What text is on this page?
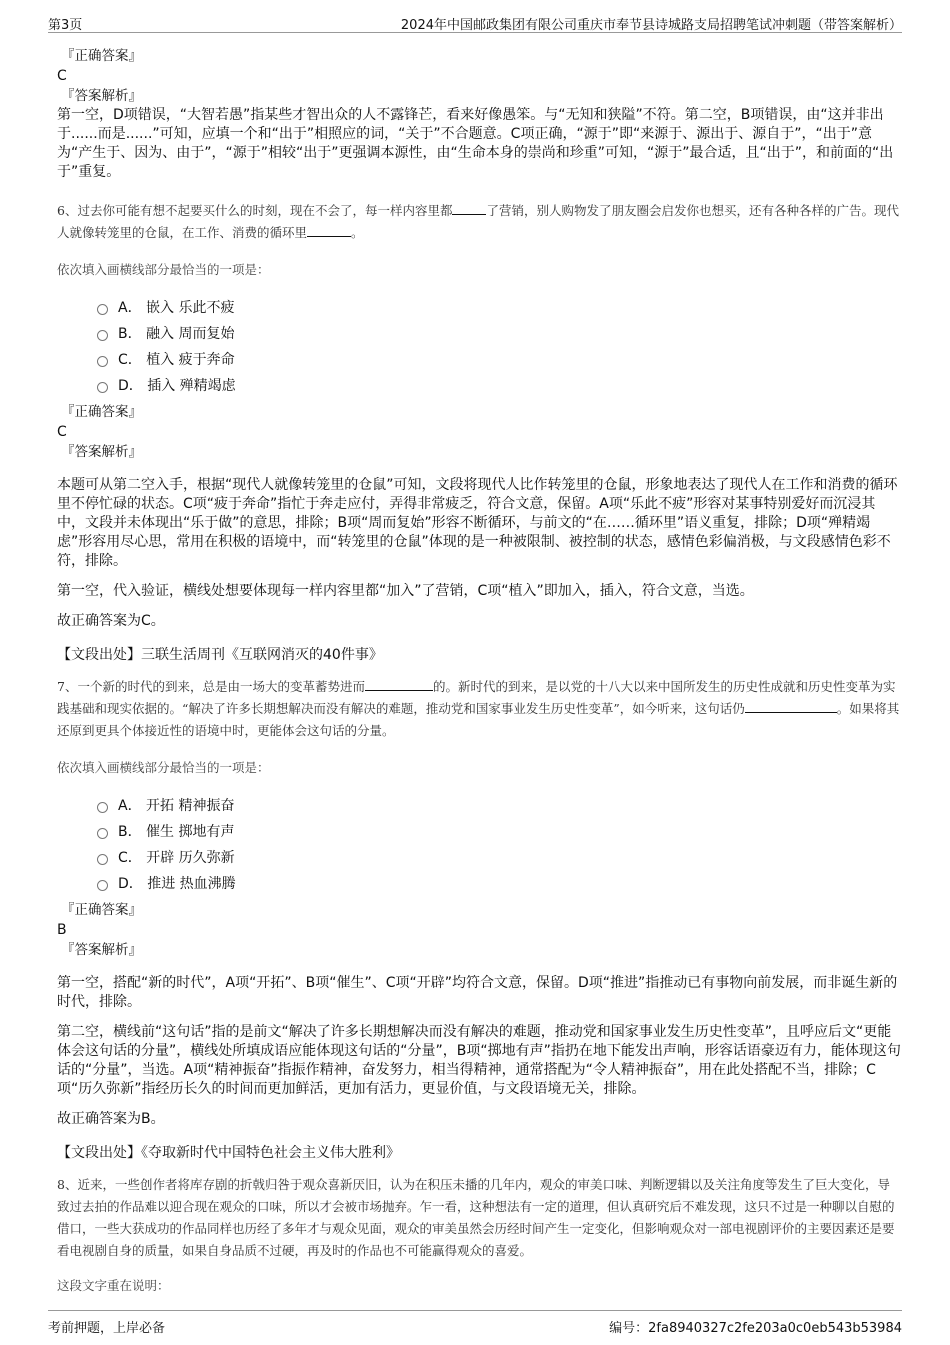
第3页	2024年中国邮政集团有限公司重庆市奉节县诗城路支局招聘笔试冲刺题（带答案解析）
『正确答案』
C
『答案解析』

第一空，D项错误，“大智若愚”指某些才智出众的人不露锋芒，看来好像愚笨。与“无知和狭隘”不符。第二空，B项错误，由“这并非出于......而是......”可知，应填一个和“出于”相照应的词，“关于”不合题意。C项正确，“源于”即“来源于、源出于、源自于”，“出于”意为“产生于、因为、由于”，“源于”相较“出于”更强调本源性，由“生命本身的崇尚和珍重”可知，“源于”最合适，且“出于”，和前面的“出于”重复。

6、过去你可能有想不起要买什么的时刻，现在不会了，每一样内容里都	了营销，别人购物发了朋友圈会启发你也想买，还有各种各样的广告。现代人就像转笼里的仓鼠，在工作、消费的循环里	。

依次填入画横线部分最恰当的一项是：

A． 嵌入 乐此不疲
B． 融入 周而复始
C． 植入 疲于奔命
D． 插入 殚精竭虑
『正确答案』
C
『答案解析』

本题可从第二空入手，根据“现代人就像转笼里的仓鼠”可知，文段将现代人比作转笼里的仓鼠，形象地表达了现代人在工作和消费的循环里不停忙碌的状态。C项“疲于奔命”指忙于奔走应付，弄得非常疲乏，符合文意，保留。A项“乐此不疲”形容对某事特别爱好而沉浸其中，文段并未体现出“乐于做”的意思，排除；B项“周而复始”形容不断循环，与前文的“在……循环里”语义重复，排除；D项“殚精竭虑”形容用尽心思，常用在积极的语境中，而“转笼里的仓鼠”体现的是一种被限制、被控制的状态，感情色彩偏消极，与文段感情色彩不符，排除。

第一空，代入验证，横线处想要体现每一样内容里都“加入”了营销，C项“植入”即加入，插入，符合文意，当选。

故正确答案为C。

【文段出处】三联生活周刊《互联网消灭的40件事》

7、一个新的时代的到来，总是由一场大的变革蓄势进而	的。新时代的到来，是以党的十八大以来中国所发生的历史性成就和历史性变革为实践基础和现实依据的。“解决了许多长期想解决而没有解决的难题，推动党和国家事业发生历史性变革”，如今听来，这句话仍	。如果将其还原到更具个体接近性的语境中时，更能体会这句话的分量。

依次填入画横线部分最恰当的一项是：

A． 开拓 精神振奋
B． 催生 掷地有声
C． 开辟 历久弥新
D． 推进 热血沸腾
『正确答案』
B
『答案解析』

第一空，搭配“新的时代”，A项“开拓”、B项“催生”、C项“开辟”均符合文意，保留。D项“推进”指推动已有事物向前发展，而非诞生新的时代，排除。

第二空，横线前“这句话”指的是前文“解决了许多长期想解决而没有解决的难题，推动党和国家事业发生历史性变革”，且呼应后文“更能体会这句话的分量”，横线处所填成语应能体现这句话的“分量”，B项“掷地有声”指扔在地下能发出声响，形容话语豪迈有力，能体现这句话的“分量”，当选。A项“精神振奋”指振作精神，奋发努力，相当得精神，通常搭配为“令人精神振奋”，用在此处搭配不当，排除；C项“历久弥新”指经历长久的时间而更加鲜活，更加有活力，更显价值，与文段语境无关，排除。

故正确答案为B。

【文段出处】《夺取新时代中国特色社会主义伟大胜利》

8、近来，一些创作者将库存剧的折戟归咎于观众喜新厌旧，认为在积压未播的几年内，观众的审美口味、判断逻辑以及关注角度等发生了巨大变化，导致过去拍的作品难以迎合现在观众的口味，所以才会被市场抛弃。乍一看，这种想法有一定的道理，但认真研究后不难发现，这只不过是一种聊以自慰的借口，一些大获成功的作品同样也历经了多年才与观众见面，观众的审美虽然会历经时间产生一定变化，但影响观众对一部电视剧评价的主要因素还是要看电视剧自身的质量，如果自身品质不过硬，再及时的作品也不可能赢得观众的喜爱。

这段文字重在说明：

考前押题，上岸必备	编号：2fa8940327c2fe203a0c0eb543b53984
